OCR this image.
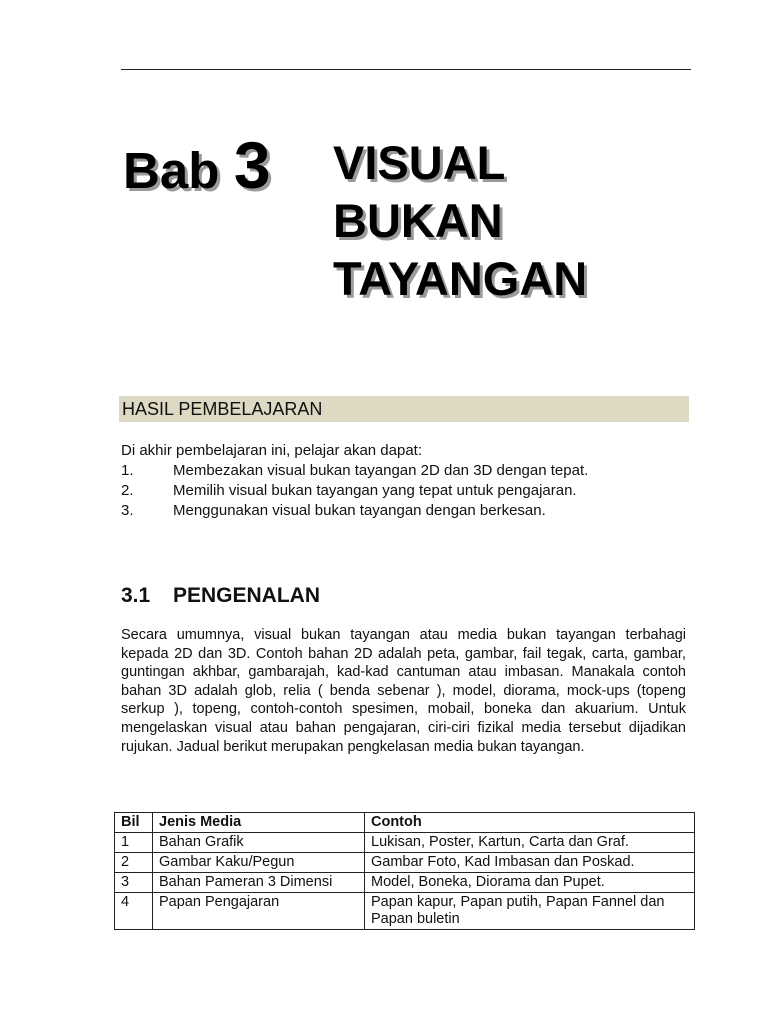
Bab 3 VISUAL
BUKAN
TAYANGAN
HASIL PEMBELAJARAN
Di akhir pembelajaran ini, pelajar akan dapat:
1.	Membezakan visual bukan tayangan 2D dan 3D dengan tepat.
2.	Memilih visual bukan tayangan yang tepat untuk pengajaran.
3.	Menggunakan visual bukan tayangan dengan berkesan.
3.1 PENGENALAN
Secara umumnya, visual bukan tayangan atau media bukan tayangan terbahagi kepada 2D dan 3D. Contoh bahan 2D adalah peta, gambar, fail tegak, carta, gambar, guntingan akhbar, gambarajah, kad-kad cantuman atau imbasan. Manakala contoh bahan 3D adalah glob, relia ( benda sebenar ), model, diorama, mock-ups (topeng serkup ), topeng, contoh-contoh spesimen, mobail, boneka dan akuarium. Untuk mengelaskan visual atau bahan pengajaran, ciri-ciri fizikal media tersebut dijadikan rujukan. Jadual berikut merupakan pengkelasan media bukan tayangan.
Bil	Jenis Media	Contoh
1	Bahan Grafik	Lukisan, Poster, Kartun, Carta dan Graf.
2	Gambar Kaku/Pegun	Gambar Foto, Kad Imbasan dan Poskad.
3	Bahan Pameran 3 Dimensi	Model, Boneka, Diorama dan Pupet.
4	Papan Pengajaran	Papan kapur, Papan putih, Papan Fannel dan Papan buletin
